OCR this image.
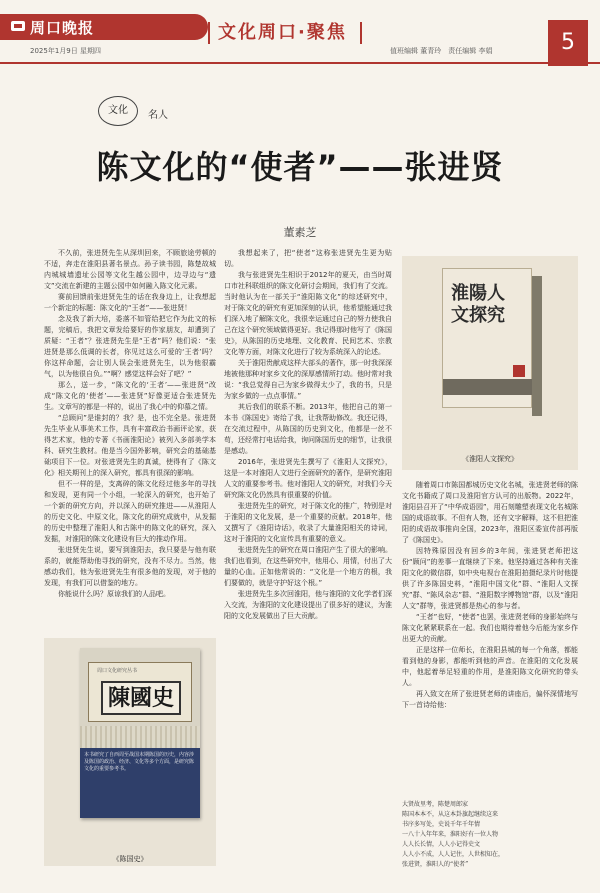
周口晚报
2025年1月9日 星期四
文化周口·聚焦
值班编辑 董青玲　责任编辑 李娟	5
文化	名人
陈文化的“使者”——张进贤
董素芝

不久前，张进贤先生从深圳回来，不顾旅途劳顿的不适，奔走在淮阳县著名景点。孙子读书园，陈楚故城内城城墙遗址公园等文化生越公园中，边寻边与“遗文”交流在新建的主题公园中如何融入陈文化元素。

赛前回馈前张进贤先生的话在我身边上，让我想起一个新定的标题：陈文化的“王者”——张进贤！

念及我了新大培，委落不如管给把它作为此文的标题，完稿后，我把文章发给要好的作家朋友，却遭到了质疑：“王者”？张进贤先生是“王者”吗？他们说：“张进贤是那么低调的长者，你见过这么可爱的‘王者’吗？你这样命题，会让别人误会张进贤先生，以为他很霸气，以为他很自负。”“啊？感觉这样会好了吧？”

那么，送一步，“陈文化的‘王者’——张进贤”改成“陈文化的‘使者’——张进贤”好像更适合张进贤先生。文章写的都是一样的，说出了我心中的仰慕之情。

“总顾问”是谁封的？我？是，也不完全是。张进贤先生毕业从事美术工作，具有丰富政治书画评论家，获得艺术家，他的专著《书画淮阳论》被列入多部美学本科、研究生教材。他是当今国外影响，研究会的基础基础项目下一位。对张进贤先生的真诚，使得有了《陈文化》相关期刊上的深入研究，都具有很深的影响。

但不一样的是，支离碎的陈文化经过他多年的寻找和发现，更有同一个小组，一轮深入的研究，也开始了一个新的研究方向，并以深入的研究推进——从淮阳人的历史文化、中原文化，陈文化的研究成就中，从发掘的历史中整理了淮阳人和古陈中的陈文化的研究，深入发掘，对淮阳的陈文化建设有巨大的推动作用。

张进贤先生说，要写到淮阳去，我只要是与他有联系的，就能帮助他寻找的研究，没有不尽力。当然，他感动我们，他为张进贤先生有很多他的发现，对于他的发现，有我们可以借鉴的地方。

你能说什么吗？原谅我们的人品吧。

周口文化研究丛书
陳國史
本书研究了自西周至战国末期陈国的历史，内容涉及陈国的政治、经济、文化等多个方面，是研究陈文化的重要参考书。
《陈国史》

我想起来了，把“使者”这称张进贤先生更为贴切。

我与张进贤先生相识于2012年的夏天，由当时周口市社科联组织的陈文化研讨会期间，我们有了交流。当时他认为在一部关于“淮阳陈文化”的综述研究中，对于陈文化的研究有更加深刻的认识，他希望能通过我们深入地了解陈文化，我很幸运通过自己的努力使我自己在这个研究领域做得更好。我记得那时他写了《陈国史》，从陈国的历史地理、文化教育、民间艺术、宗教文化等方面，对陈文化进行了较为系统深入的论述。

关于淮阳贵献成这样大部头的著作，那一时我深深地被他那种对家乡文化的深厚感情所打动。他时常对我说：“我总觉得自己为家乡做得太少了，我的书，只是为家乡做的一点点事情。”

其后我们的联系不断。2013年，他把自己的第一本书《陈国史》寄给了我，让我帮助修改。我还记得，在交流过程中，从陈国的历史到文化，他都是一丝不苟，还经常打电话给我，询问陈国历史的细节，让我很是感动。

2016年，张进贤先生撰写了《淮阳人文探究》，这是一本对淮阳人文进行全面研究的著作，是研究淮阳人文的重要参考书。他对淮阳人文的研究，对我们今天研究陈文化仍然具有很重要的价值。

张进贤先生的研究，对于陈文化的推广，特别是对于淮阳的文化发展，是一个重要的贡献。2018年，他又撰写了《淮阳诗话》，收录了大量淮阳相关的诗词，这对于淮阳的文化宣传具有重要的意义。

张进贤先生的研究在周口淮阳产生了很大的影响。我们也看到，在这些研究中，他用心、用情，付出了大量的心血。正如他常说的：“文化是一个地方的根，我们要做的，就是守护好这个根。”

张进贤先生多次回淮阳，他与淮阳的文化学者们深入交流，为淮阳的文化建设提出了很多好的建议，为淮阳的文化发展做出了巨大贡献。

淮陽人文探究
《淮阳人文探究》

随着周口市陈国都城历史文化名城，张进贤老师的陈文化书籍成了周口及淮阳官方认可的出版物。2022年，淮阳县召开了“中华成语园”，用石刻雕塑表现文化名城陈国的成语故事。不但有人物，还有文字解释，这不但把淮阳的成语故事推向全国，2023年，淮阳区委宣传部再版了《陈国史》。

因特殊原因没有回乡的3年间，张进贤老师把这份“顾问”的差事一直继续了下来。他坚持通过各种有关淮阳文化的微信群，如中央电视台在淮阳拍摄纪录片时他提供了许多陈国史料，“淮阳中国文化”群、“淮阳人文探究”群、“陈风杂志”群、“淮阳数字博物馆”群，以及“淮阳人文”群等，张进贤都是热心的参与者。

“王者”也好，“使者”也罢，张进贤老师的身影始终与陈文化紧紧联系在一起。我们也期待着他今后能为家乡作出更大的贡献。

正是这样一位师长，在淮阳县城的每一个角落，都能看到他的身影，都能听到他的声音。在淮阳的文化发展中，他起着举足轻重的作用，是淮阳陈文化研究的带头人。

再入致文在所了张进贤老师的讲座后，偏怀深情地写下一首诗给他：

大贤故里考，陈楚周郎家
陈国本本不，从这本卦旗起继续这来
书序多写处，史说千年千年情
一八十入年年来，淮阳好有一位人物
人人长长情，人人小记得史文
人人小不成，人人记住，人世相知在，
张进贤，淮阳人的“使者”
